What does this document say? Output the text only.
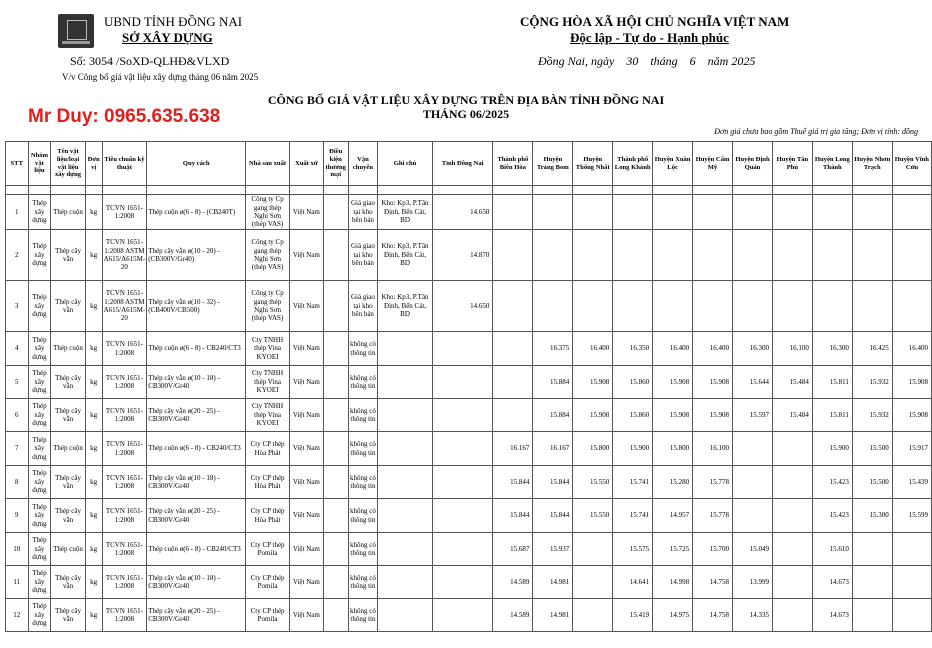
UBND TỈNH ĐỒNG NAI
SỞ XÂY DỰNG
Số: 3054 /SoXD-QLHĐ&VLXD
V/v Công bố giá vật liệu xây dựng tháng 06 năm 2025
CỘNG HÒA XÃ HỘI CHỦ NGHĨA VIỆT NAM
Độc lập - Tự do - Hạnh phúc
Đồng Nai, ngày    30    tháng    6    năm 2025
CÔNG BỐ GIÁ VẬT LIỆU XÂY DỰNG TRÊN ĐỊA BÀN TỈNH ĐỒNG NAI
THÁNG 06/2025
Mr Duy: 0965.635.638
Đơn giá chưa bao gồm Thuế giá trị gia tăng; Đơn vị tính: đồng
STT	Nhóm vật liệu	Tên vật liệu/loại vật liệu xây dựng	Đơn vị	Tiêu chuẩn kỹ thuật	Quy cách	Nhà sản xuất	Xuất xứ	Điều kiện thương mại	Vận chuyển	Ghi chú	Tỉnh Đồng Nai	Thành phố Biên Hòa	Huyện Trảng Bom	Huyện Thống Nhất	Thành phố Long Khánh	Huyện Xuân Lộc	Huyện Cẩm Mỹ	Huyện Định Quán	Huyện Tân Phú	Huyện Long Thành	Huyện Nhơn Trạch	Huyện Vĩnh Cửu

1	Thép xây dựng	Thép cuộn	kg	TCVN 1651-1:2008	Thép cuộn ø(6 - 8) - (CB240T)	Công ty Cp gang thép Nghi Sơn (thép VAS)	Việt Nam		Giá giao tại kho bên bán	Kho: Kp3, P.Tân Định, Bến Cát, BD	14.650											
2	Thép xây dựng	Thép cây vằn	kg	TCVN 1651-1:2008 ASTM A615/A615M-20	Thép cây vằn ø(10 - 20) - (CB300V/Gr40)	Công ty Cp gang thép Nghi Sơn (thép VAS)	Việt Nam		Giá giao tại kho bên bán	Kho: Kp3, P.Tân Định, Bến Cát, BD	14.870											
3	Thép xây dựng	Thép cây vằn	kg	TCVN 1651-1:2008 ASTM A615/A615M-20	Thép cây vằn ø(10 - 32) - (CB400V/CB500)	Công ty Cp gang thép Nghi Sơn (thép VAS)	Việt Nam		Giá giao tại kho bên bán	Kho: Kp3, P.Tân Định, Bến Cát, BD	14.650											
4	Thép xây dựng	Thép cuộn	kg	TCVN 1651-1:2008	Thép cuộn ø(6 - 8) - CB240/CT3	Cty TNHH thép Vina KYOEI	Việt Nam		không có thông tin				16.375	16.400	16.350	16.400	16.400	16.300	16.100	16.300	16.425	16.400
5	Thép xây dựng	Thép cây vằn	kg	TCVN 1651-1:2008	Thép cây vằn ø(10 - 18) - CB300V/Gr40	Cty TNHH thép Vina KYOEI	Việt Nam		không có thông tin				15.884	15.908	15.860	15.908	15.908	15.644	15.484	15.811	15.932	15.908
6	Thép xây dựng	Thép cây vằn	kg	TCVN 1651-1:2008	Thép cây vằn ø(20 - 25) - CB300V/Gr40	Cty TNHH thép Vina KYOEI	Việt Nam		không có thông tin				15.884	15.908	15.860	15.908	15.908	15.597	15.484	15.811	15.932	15.908
7	Thép xây dựng	Thép cuộn	kg	TCVN 1651-1:2008	Thép cuộn ø(6 - 8) - CB240/CT3	Cty CP thép Hòa Phát	Việt Nam		không có thông tin			16.167	16.167	15.800	15.900	15.800	16.100			15.900	15.500	15.917
8	Thép xây dựng	Thép cây vằn	kg	TCVN 1651-1:2008	Thép cây vằn ø(10 - 18) - CB300V/Gr40	Cty CP thép Hòa Phát	Việt Nam		không có thông tin			15.844	15.844	15.550	15.741	15.280	15.778			15.423	15.500	15.439
9	Thép xây dựng	Thép cây vằn	kg	TCVN 1651-1:2008	Thép cây vằn ø(20 - 25) - CB300V/Gr40	Cty CP thép Hòa Phát	Việt Nam		không có thông tin			15.844	15.844	15.550	15.741	14.957	15.778			15.423	15.300	15.599
10	Thép xây dựng	Thép cuộn	kg	TCVN 1651-1:2008	Thép cuộn ø(6 - 8) - CB240/CT3	Cty CP thép Pomila	Việt Nam		không có thông tin			15.687	15.937		15.575	15.725	15.700	15.049		15.610		
11	Thép xây dựng	Thép cây vằn	kg	TCVN 1651-1:2008	Thép cây vằn ø(10 - 18) - CB300V/Gr40	Cty CP thép Pomila	Việt Nam		không có thông tin			14.589	14.981		14.641	14.998	14.758	13.999		14.673		
12	Thép xây dựng	Thép cây vằn	kg	TCVN 1651-1:2008	Thép cây vằn ø(20 - 25) - CB300V/Gr40	Cty CP thép Pomila	Việt Nam		không có thông tin			14.589	14.981		15.419	14.975	14.758	14.335		14.673		
